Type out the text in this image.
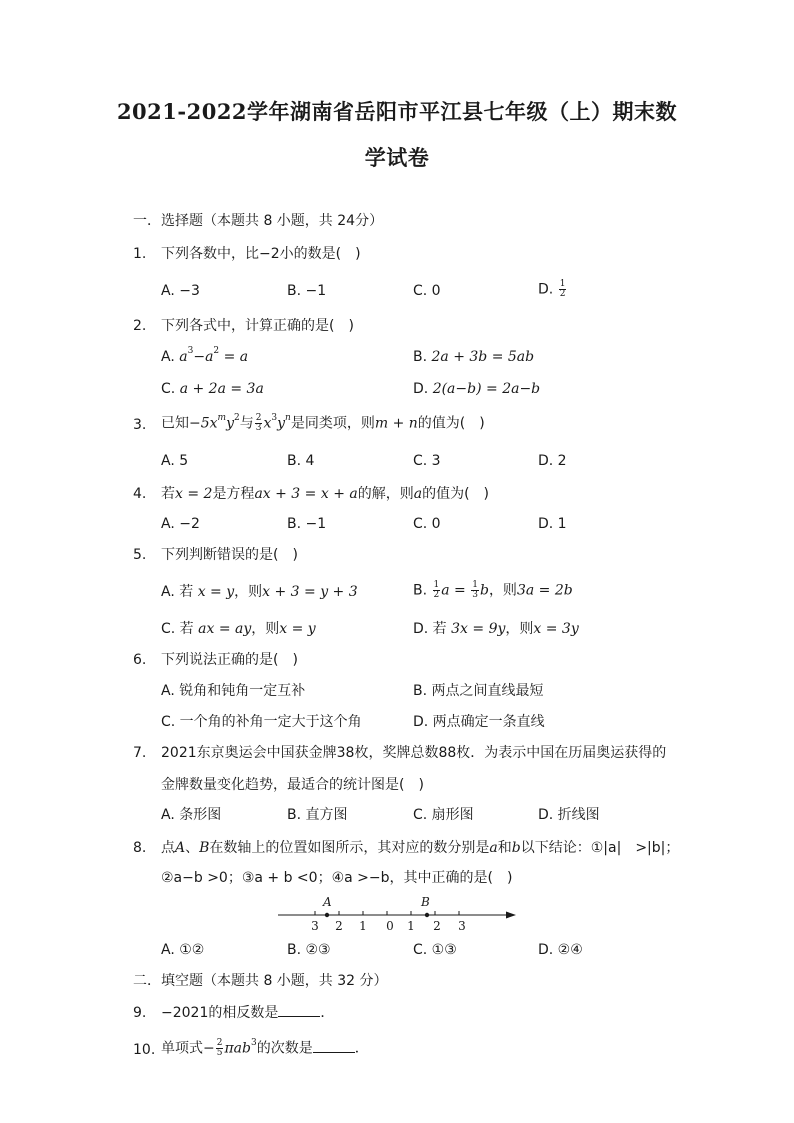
2021-2022学年湖南省岳阳市平江县七年级（上）期末数
学试卷
一．选择题（本题共 8 小题，共 24分）
1. 下列各数中，比−2小的数是(　)
A. −3	B. −1	C. 0	D. $\frac{1}{2}$
2. 下列各式中，计算正确的是(　)
A. $a^3-a^2 = a$	B. 2a + 3b = 5ab
C. a + 2a = 3a	D. 2(a−b) = 2a−b
3. 已知$-5x^my^2$与 $\frac{2}{3} x^3y^n$是同类项，则m + n的值为(　)
A. 5	B. 4	C. 3	D. 2
4. 若x = 2是方程ax + 3 = x + a的解，则a的值为(　)
A. −2	B. −1	C. 0	D. 1
5. 下列判断错误的是(　)
A. 若 x = y，则x + 3 = y + 3	B. $\frac{1}{2}$ $a = \frac{1}{3}$ b，则3a = 2b
C. 若 ax = ay，则x = y	D. 若 3x = 9y，则x = 3y
6. 下列说法正确的是(　)
A. 锐角和钝角一定互补	B. 两点之间直线最短
C. 一个角的补角一定大于这个角	D. 两点确定一条直线
7. 2021东京奥运会中国获金牌38枚，奖牌总数88枚．为表示中国在历届奥运获得的
金牌数量变化趋势，最适合的统计图是(　)
A. 条形图	B. 直方图	C. 扇形图	D. 折线图
8. 点A、B在数轴上的位置如图所示，其对应的数分别是a和b以下结论：①|a|　>|b|；
②a−b >0；③a + b <0；④a >−b，其中正确的是(　)
A	B
3 2 1 0 1 2 3
A. ①②	B. ②③	C. ①③	D. ②④
二．填空题（本题共 8 小题，共 32 分）
9. −2021的相反数是	．
10. 单项式− $\frac{2}{5} \pi ab^3$的次数是	．
